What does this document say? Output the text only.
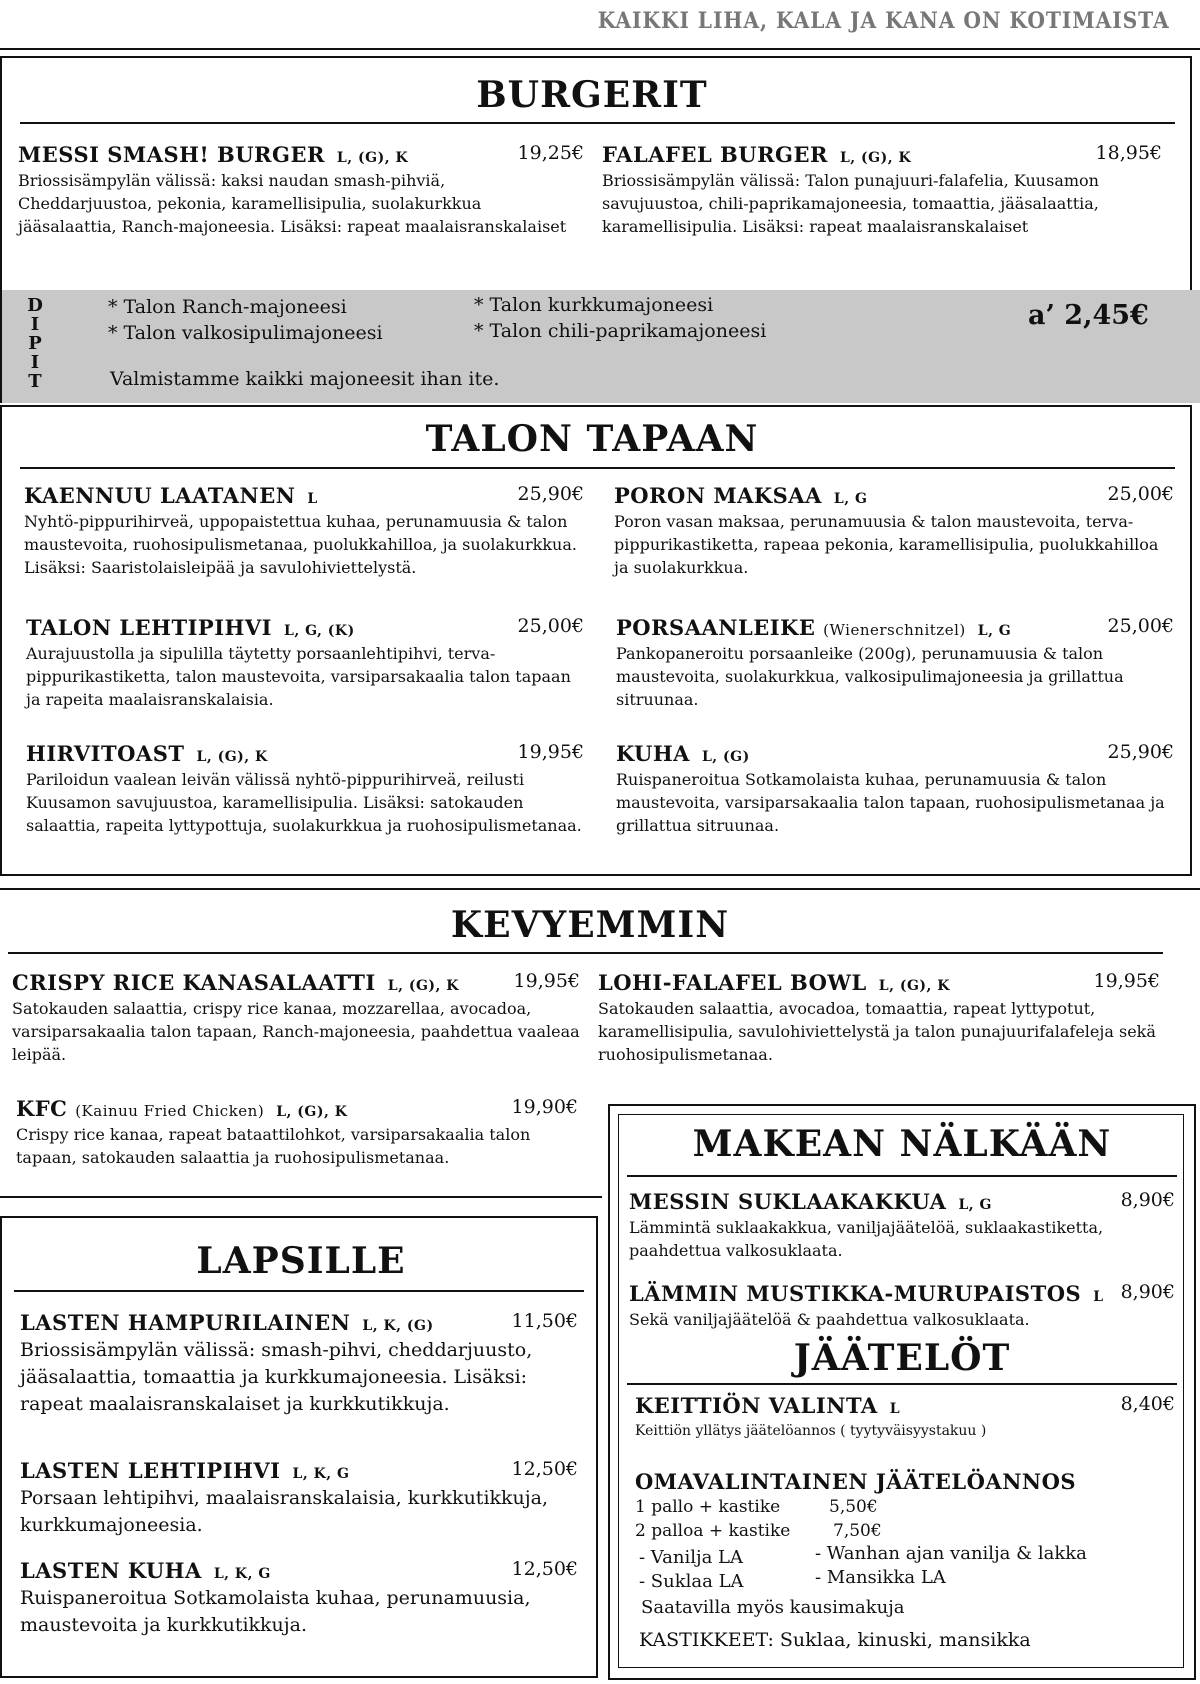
KAIKKI LIHA, KALA JA KANA ON KOTIMAISTA
BURGERIT
MESSI SMASH! BURGER L, (G), K	19,25€
Briossisämpylän välissä: kaksi naudan smash-pihviä, Cheddarjuustoa, pekonia, karamellisipulia, suolakurkkua jääsalaattia, Ranch-majoneesia. Lisäksi: rapeat maalaisranskalaiset
FALAFEL BURGER L, (G), K	18,95€
Briossisämpylän välissä: Talon punajuuri-falafelia, Kuusamon savujuustoa, chili-paprikamajoneesia, tomaattia, jääsalaattia, karamellisipulia. Lisäksi: rapeat maalaisranskalaiset
D
I
P
I
T
* Talon Ranch-majoneesi
* Talon valkosipulimajoneesi
* Talon kurkkumajoneesi
* Talon chili-paprikamajoneesi
Valmistamme kaikki majoneesit ihan ite.
a’ 2,45€
TALON TAPAAN
KAENNUU LAATANEN L	25,90€
Nyhtö-pippurihirveä, uppopaistettua kuhaa, perunamuusia & talon maustevoita, ruohosipulismetanaa, puolukkahilloa, ja suolakurkkua. Lisäksi: Saaristolaisleipää ja savulohiviettelystä.
PORON MAKSAA L, G	25,00€
Poron vasan maksaa, perunamuusia & talon maustevoita, terva-pippurikastiketta, rapeaa pekonia, karamellisipulia, puolukkahilloa ja suolakurkkua.
TALON LEHTIPIHVI L, G, (K)	25,00€
Aurajuustolla ja sipulilla täytetty porsaanlehtipihvi, terva-pippurikastiketta, talon maustevoita, varsiparsakaalia talon tapaan ja rapeita maalaisranskalaisia.
PORSAANLEIKE (Wienerschnitzel) L, G	25,00€
Pankopaneroitu porsaanleike (200g), perunamuusia & talon maustevoita, suolakurkkua, valkosipulimajoneesia ja grillattua sitruunaa.
HIRVITOAST L, (G), K	19,95€
Pariloidun vaalean leivän välissä nyhtö-pippurihirveä, reilusti Kuusamon savujuustoa, karamellisipulia. Lisäksi: satokauden salaattia, rapeita lyttypottuja, suolakurkkua ja ruohosipulismetanaa.
KUHA L, (G)	25,90€
Ruispaneroitua Sotkamolaista kuhaa, perunamuusia & talon maustevoita, varsiparsakaalia talon tapaan, ruohosipulismetanaa ja grillattua sitruunaa.
KEVYEMMIN
CRISPY RICE KANASALAATTI L, (G), K	19,95€
Satokauden salaattia, crispy rice kanaa, mozzarellaa, avocadoa, varsiparsakaalia talon tapaan, Ranch-majoneesia, paahdettua vaaleaa leipää.
LOHI-FALAFEL BOWL L, (G), K	19,95€
Satokauden salaattia, avocadoa, tomaattia, rapeat lyttypotut, karamellisipulia, savulohiviettelystä ja talon punajuurifalafeleja sekä ruohosipulismetanaa.
KFC (Kainuu Fried Chicken) L, (G), K	19,90€
Crispy rice kanaa, rapeat bataattilohkot, varsiparsakaalia talon tapaan, satokauden salaattia ja ruohosipulismetanaa.
LAPSILLE
LASTEN HAMPURILAINEN L, K, (G)	11,50€
Briossisämpylän välissä: smash-pihvi, cheddarjuusto, jääsalaattia, tomaattia ja kurkkumajoneesia. Lisäksi: rapeat maalaisranskalaiset ja kurkkutikkuja.
LASTEN LEHTIPIHVI L, K, G	12,50€
Porsaan lehtipihvi, maalaisranskalaisia, kurkkutikkuja, kurkkumajoneesia.
LASTEN KUHA L, K, G	12,50€
Ruispaneroitua Sotkamolaista kuhaa, perunamuusia, maustevoita ja kurkkutikkuja.
MAKEAN NÄLKÄÄN
MESSIN SUKLAAKAKKUA L, G	8,90€
Lämmintä suklaakakkua, vaniljajäätelöä, suklaakastiketta, paahdettua valkosuklaata.
LÄMMIN MUSTIKKA-MURUPAISTOS L 8,90€
Sekä vaniljajäätelöä & paahdettua valkosuklaata.
JÄÄTELÖT
KEITTIÖN VALINTA L	8,40€
Keittiön yllätys jäätelöannos ( tyytyväisyystakuu )
OMAVALINTAINEN JÄÄTELÖANNOS
1 pallo + kastike	5,50€
2 palloa + kastike	7,50€
- Vanilja LA
- Suklaa LA
- Wanhan ajan vanilja & lakka
- Mansikka LA
Saatavilla myös kausimakuja
KASTIKKEET: Suklaa, kinuski, mansikka
